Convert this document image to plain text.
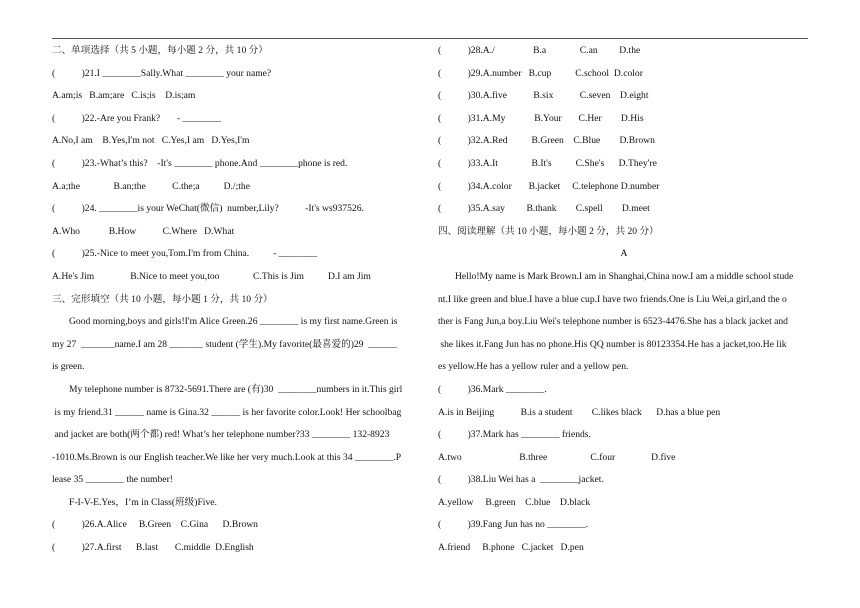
二、单项选择（共 5 小题，每小题 2 分，共 10 分）
(           )21.I ________Sally.What ________ your name?
A.am;is   B.am;are   C.is;is    D.is;am
(           )22.-Are you Frank?       - ________
A.No,I am    B.Yes,I'm not   C.Yes,I am   D.Yes,I'm
(           )23.-What’s this?    -It's ________ phone.And ________phone is red.
A.a;the              B.an;the           C.the;a          D./;the
(           )24. ________is your WeChat(微信)  number,Lily?           -It's ws937526.
A.Who            B.How           C.Where   D.What
(           )25.-Nice to meet you,Tom.I'm from China.          - ________
A.He's Jim               B.Nice to meet you,too              C.This is Jim          D.I am Jim
三、完形填空（共 10 小题，每小题 1 分，共 10 分）
Good morning,boys and girls!I'm Alice Green.26 ________ is my first name.Green is
my 27  _______name.I am 28 _______ student (学生).My favorite(最喜爱的)29  ______
is green.
My telephone number is 8732-5691.There are (有)30  ________numbers in it.This girl
is my friend.31 ______ name is Gina.32 ______ is her favorite color.Look! Her schoolbag
and jacket are both(两个都) red! What’s her telephone number?33 ________ 132-8923
-1010.Ms.Brown is our English teacher.We like her very much.Look at this 34 ________.P
lease 35 ________ the number!
F-I-V-E.Yes，I’m in Class(班级)Five.
(           )26.A.Alice     B.Green    C.Gina      D.Brown
(           )27.A.first      B.last       C.middle  D.English
(           )28.A./                B.a              C.an         D.the
(           )29.A.number   B.cup          C.school  D.color
(           )30.A.five           B.six           C.seven    D.eight
(           )31.A.My            B.Your       C.Her        D.His
(           )32.A.Red          B.Green    C.Blue        D.Brown
(           )33.A.It              B.It's          C.She's      D.They're
(           )34.A.color       B.jacket     C.telephone D.number
(           )35.A.say         B.thank        C.spell        D.meet
四、阅读理解（共 10 小题，每小题 2 分，共 20 分）
A
Hello!My name is Mark Brown.I am in Shanghai,China now.I am a middle school stude
nt.I like green and blue.I have a blue cup.I have two friends.One is Liu Wei,a girl,and the o
ther is Fang Jun,a boy.Liu Wei's telephone number is 6523-4476.She has a black jacket and
she likes it.Fang Jun has no phone.His QQ number is 80123354.He has a jacket,too.He lik
es yellow.He has a yellow ruler and a yellow pen.
(           )36.Mark ________.
A.is in Beijing           B.is a student        C.likes black      D.has a blue pen
(           )37.Mark has ________ friends.
A.two                        B.three                  C.four               D.five
(           )38.Liu Wei has a  ________jacket.
A.yellow     B.green    C.blue    D.black
(           )39.Fang Jun has no ________.
A.friend     B.phone   C.jacket   D.pen
